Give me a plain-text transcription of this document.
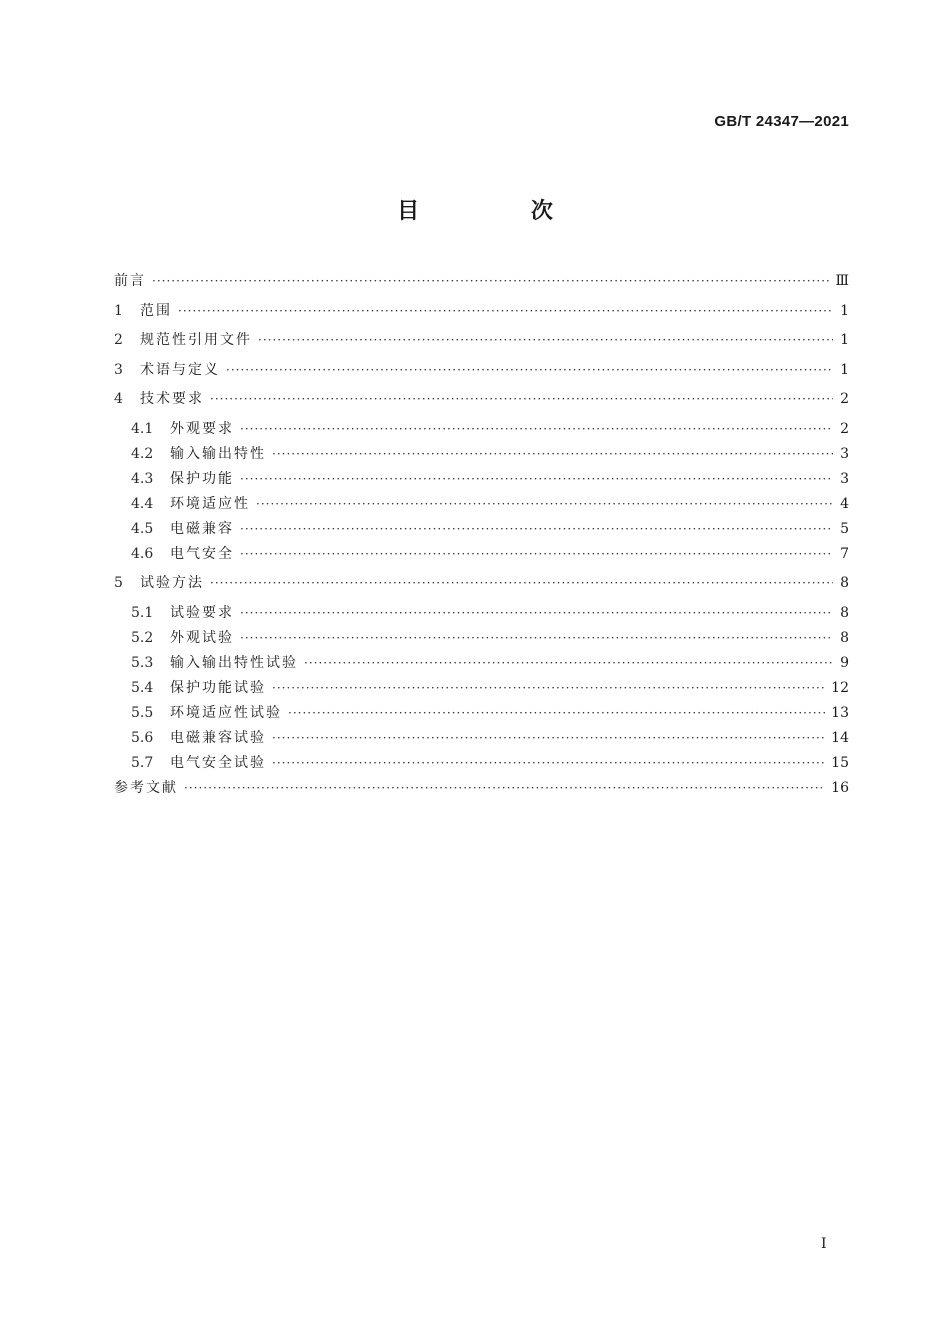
GB/T 24347—2021
目 次
前言 ·····	Ⅲ
1	范围 ·····	1
2	规范性引用文件 ·····	1
3	术语与定义 ·····	1
4	技术要求 ·····	2
4.1	外观要求 ·····	2
4.2	输入输出特性 ·····	3
4.3	保护功能 ·····	3
4.4	环境适应性 ·····	4
4.5	电磁兼容 ·····	5
4.6	电气安全 ·····	7
5	试验方法 ·····	8
5.1	试验要求 ·····	8
5.2	外观试验 ·····	8
5.3	输入输出特性试验 ·····	9
5.4	保护功能试验 ·····	12
5.5	环境适应性试验 ·····	13
5.6	电磁兼容试验 ·····	14
5.7	电气安全试验 ·····	15
参考文献 ·····	16
Ⅰ
